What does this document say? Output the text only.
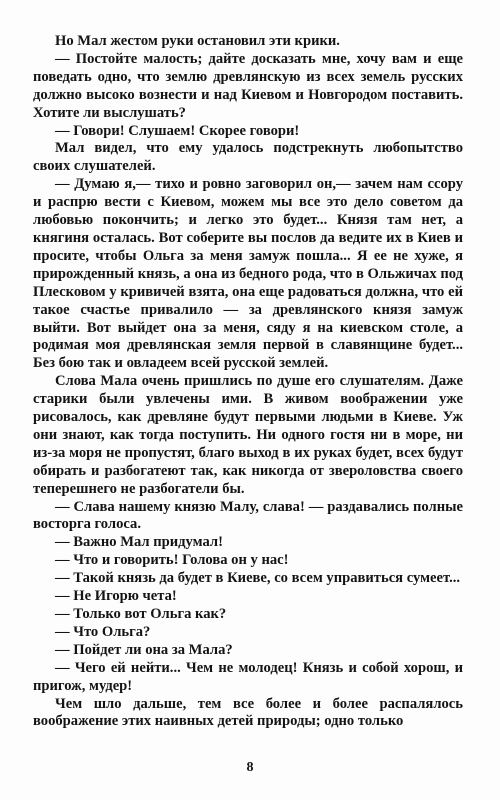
Но Мал жестом руки остановил эти крики.

— Постойте малость; дайте досказать мне, хочу вам и еще поведать одно, что землю древлянскую из всех земель русских должно высоко вознести и над Киевом и Новгородом поставить. Хотите ли выслушать?

— Говори! Слушаем! Скорее говори!

Мал видел, что ему удалось подстрекнуть любопытство своих слушателей.

— Думаю я,— тихо и ровно заговорил он,— зачем нам ссору и распрю вести с Киевом, можем мы все это дело советом да любовью покончить; и легко это будет... Князя там нет, а княгиня осталась. Вот соберите вы послов да ведите их в Киев и просите, чтобы Ольга за меня замуж пошла... Я ее не хуже, я прирожденный князь, а она из бедного рода, что в Ольжичах под Плесковом у кривичей взята, она еще радоваться должна, что ей такое счастье привалило — за древлянского князя замуж выйти. Вот выйдет она за меня, сяду я на киевском столе, а родимая моя древлянская земля первой в славянщине будет... Без бою так и овладеем всей русской землей.

Слова Мала очень пришлись по душе его слушателям. Даже старики были увлечены ими. В живом воображении уже рисовалось, как древляне будут первыми людьми в Киеве. Уж они знают, как тогда поступить. Ни одного гостя ни в море, ни из-за моря не пропустят, благо выход в их руках будет, всех будут обирать и разбогатеют так, как никогда от звероловства своего теперешнего не разбогатели бы.

— Слава нашему князю Малу, слава! — раздавались полные восторга голоса.

— Важно Мал придумал!

— Что и говорить! Голова он у нас!

— Такой князь да будет в Киеве, со всем управиться сумеет...

— Не Игорю чета!

— Только вот Ольга как?

— Что Ольга?

— Пойдет ли она за Мала?

— Чего ей нейти... Чем не молодец! Князь и собой хорош, и пригож, мудер!

Чем шло дальше, тем все более и более распалялось воображение этих наивных детей природы; одно только

8
